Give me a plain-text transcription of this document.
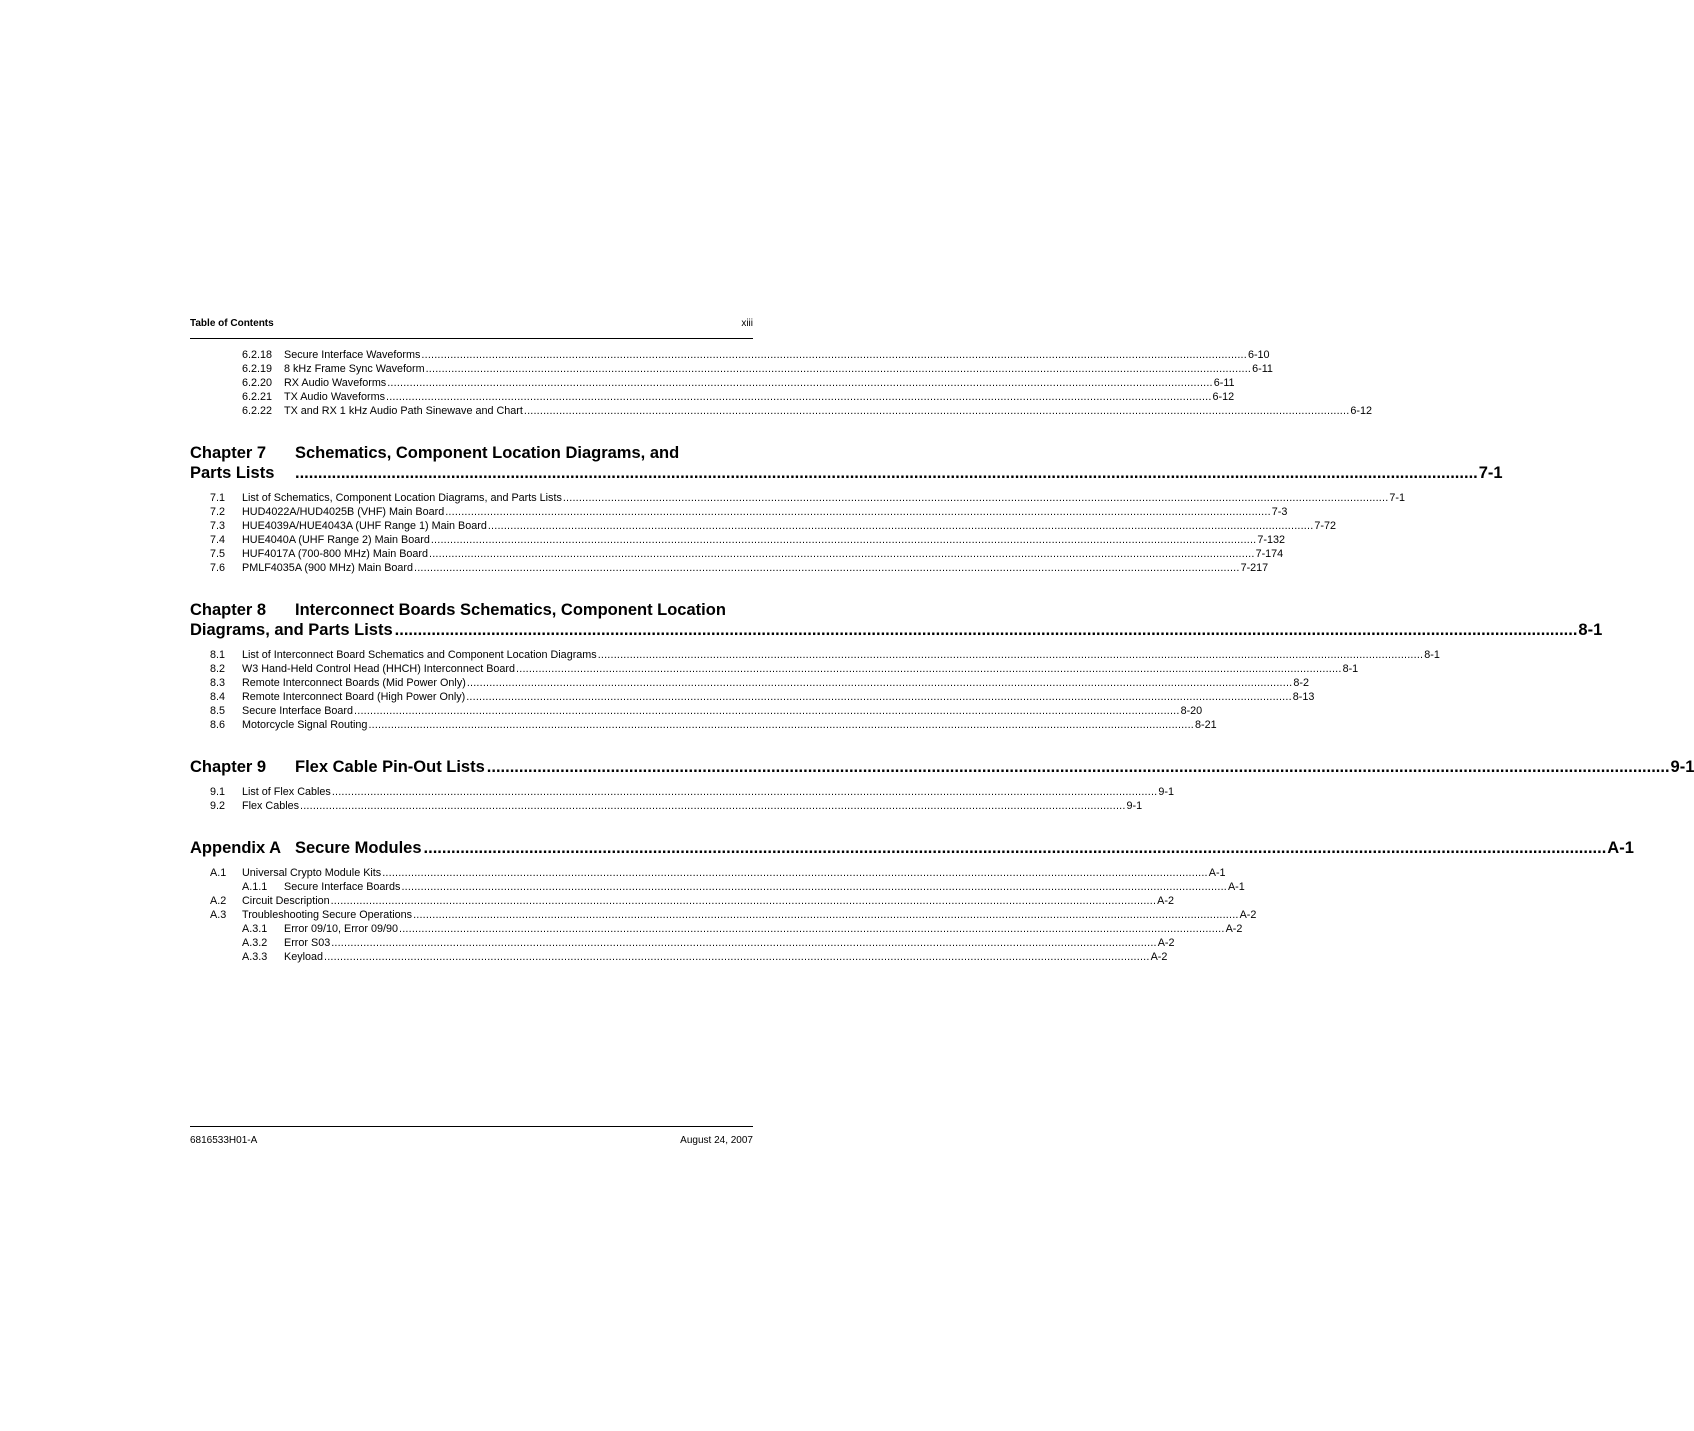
Table of Contents	xiii
6.2.18 Secure Interface Waveforms .................................................................................................................................................................................................................................................................. 6-10
6.2.19 8 kHz Frame Sync Waveform .................................................................................................................................................................................................................................................................. 6-11
6.2.20 RX Audio Waveforms .................................................................................................................................................................................................................................................................. 6-11
6.2.21 TX Audio Waveforms .................................................................................................................................................................................................................................................................. 6-12
6.2.22 TX and RX 1 kHz Audio Path Sinewave and Chart .................................................................................................................................................................................................................................................................. 6-12
Chapter 7 Schematics, Component Location Diagrams, and
Parts Lists .................................................................................................................................................................................................................................................................. 7-1
7.1 List of Schematics, Component Location Diagrams, and Parts Lists .................................................................................................................................................................................................................................................................. 7-1
7.2 HUD4022A/HUD4025B (VHF) Main Board .................................................................................................................................................................................................................................................................. 7-3
7.3 HUE4039A/HUE4043A (UHF Range 1) Main Board .................................................................................................................................................................................................................................................................. 7-72
7.4 HUE4040A (UHF Range 2) Main Board .................................................................................................................................................................................................................................................................. 7-132
7.5 HUF4017A (700-800 MHz) Main Board .................................................................................................................................................................................................................................................................. 7-174
7.6 PMLF4035A (900 MHz) Main Board .................................................................................................................................................................................................................................................................. 7-217
Chapter 8 Interconnect Boards Schematics, Component Location
Diagrams, and Parts Lists .................................................................................................................................................................................................................................................................. 8-1
8.1 List of Interconnect Board Schematics and Component Location Diagrams .................................................................................................................................................................................................................................................................. 8-1
8.2 W3 Hand-Held Control Head (HHCH) Interconnect Board .................................................................................................................................................................................................................................................................. 8-1
8.3 Remote Interconnect Boards (Mid Power Only) .................................................................................................................................................................................................................................................................. 8-2
8.4 Remote Interconnect Board (High Power Only) .................................................................................................................................................................................................................................................................. 8-13
8.5 Secure Interface Board .................................................................................................................................................................................................................................................................. 8-20
8.6 Motorcycle Signal Routing .................................................................................................................................................................................................................................................................. 8-21
Chapter 9 Flex Cable Pin-Out Lists .................................................................................................................................................................................................................................................................. 9-1
9.1 List of Flex Cables .................................................................................................................................................................................................................................................................. 9-1
9.2 Flex Cables .................................................................................................................................................................................................................................................................. 9-1
Appendix A Secure Modules .................................................................................................................................................................................................................................................................. A-1
A.1 Universal Crypto Module Kits .................................................................................................................................................................................................................................................................. A-1
A.1.1 Secure Interface Boards .................................................................................................................................................................................................................................................................. A-1
A.2 Circuit Description .................................................................................................................................................................................................................................................................. A-2
A.3 Troubleshooting Secure Operations .................................................................................................................................................................................................................................................................. A-2
A.3.1 Error 09/10, Error 09/90 .................................................................................................................................................................................................................................................................. A-2
A.3.2 Error S03 .................................................................................................................................................................................................................................................................. A-2
A.3.3 Keyload .................................................................................................................................................................................................................................................................. A-2
6816533H01-A	August 24, 2007
